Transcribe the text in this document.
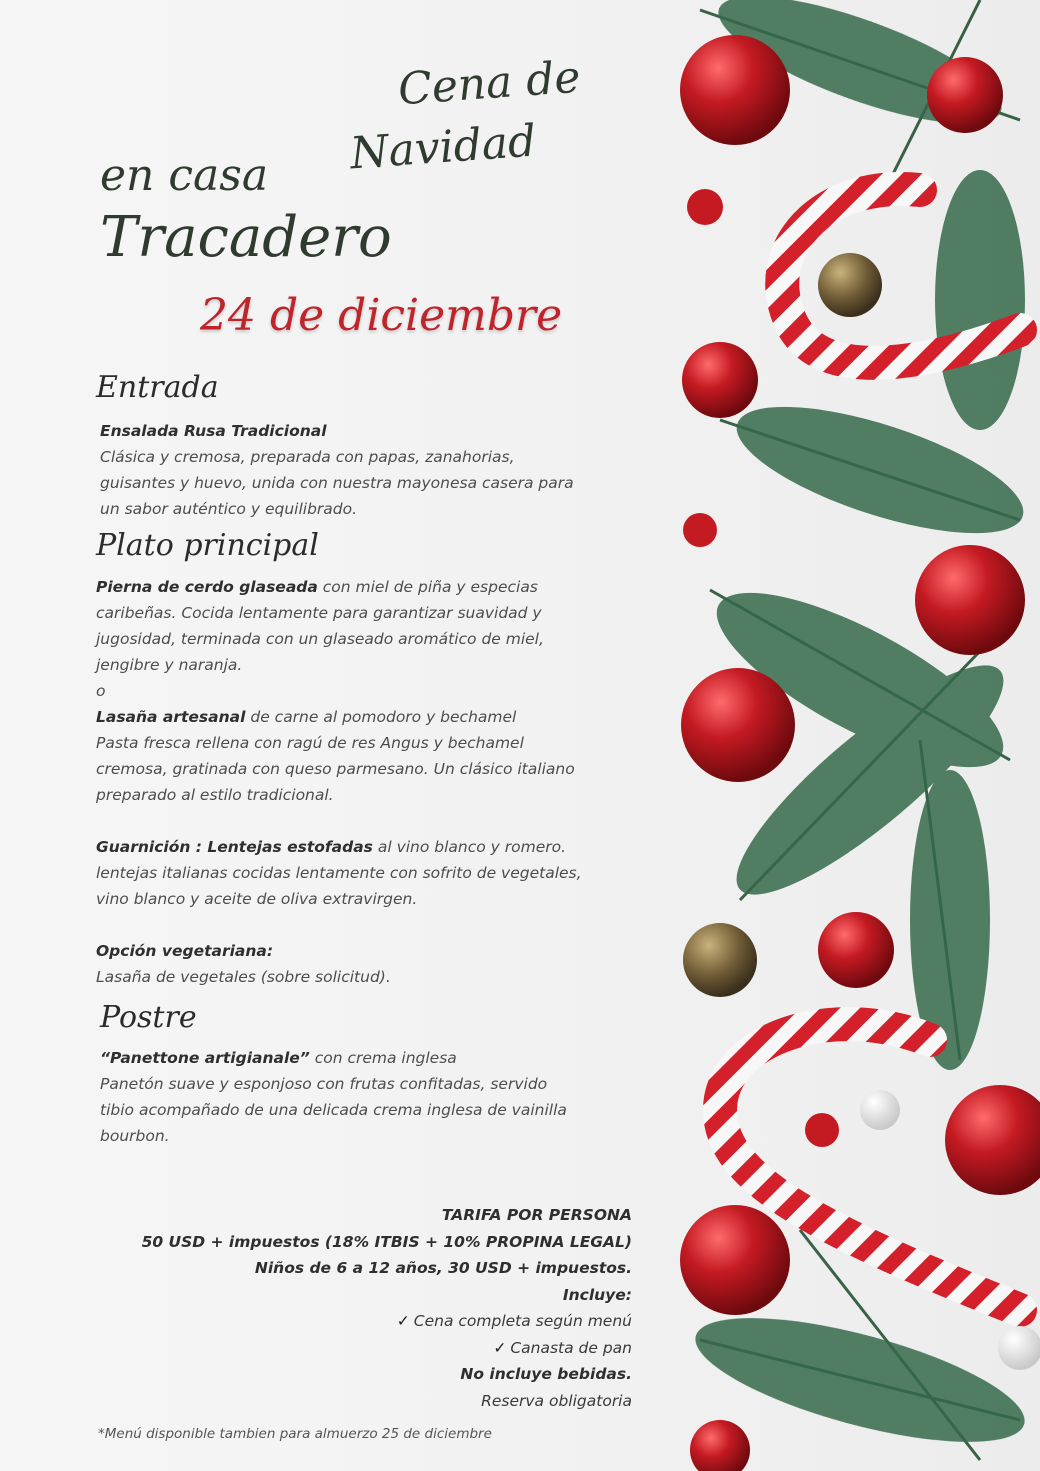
Cena de
Navidad
en casa
Tracadero
24 de diciembre
Entrada
Ensalada Rusa Tradicional
Clásica y cremosa, preparada con papas, zanahorias,
guisantes y huevo, unida con nuestra mayonesa casera para
un sabor auténtico y equilibrado.
Plato principal
Pierna de cerdo glaseada con miel de piña y especias
caribeñas. Cocida lentamente para garantizar suavidad y
jugosidad, terminada con un glaseado aromático de miel,
jengibre y naranja.
o
Lasaña artesanal de carne al pomodoro y bechamel
Pasta fresca rellena con ragú de res Angus y bechamel
cremosa, gratinada con queso parmesano. Un clásico italiano
preparado al estilo tradicional.
Guarnición : Lentejas estofadas al vino blanco y romero.
lentejas italianas cocidas lentamente con sofrito de vegetales,
vino blanco y aceite de oliva extravirgen.
Opción vegetariana:
Lasaña de vegetales (sobre solicitud).
Postre
“Panettone artigianale” con crema inglesa
Panetón suave y esponjoso con frutas confitadas, servido
tibio acompañado de una delicada crema inglesa de vainilla
bourbon.
TARIFA POR PERSONA
50 USD + impuestos (18% ITBIS + 10% PROPINA LEGAL)
Niños de 6 a 12 años, 30 USD + impuestos.
Incluye:
✓ Cena completa según menú
✓ Canasta de pan
No incluye bebidas.
Reserva obligatoria
*Menú disponible tambien para almuerzo 25 de diciembre
